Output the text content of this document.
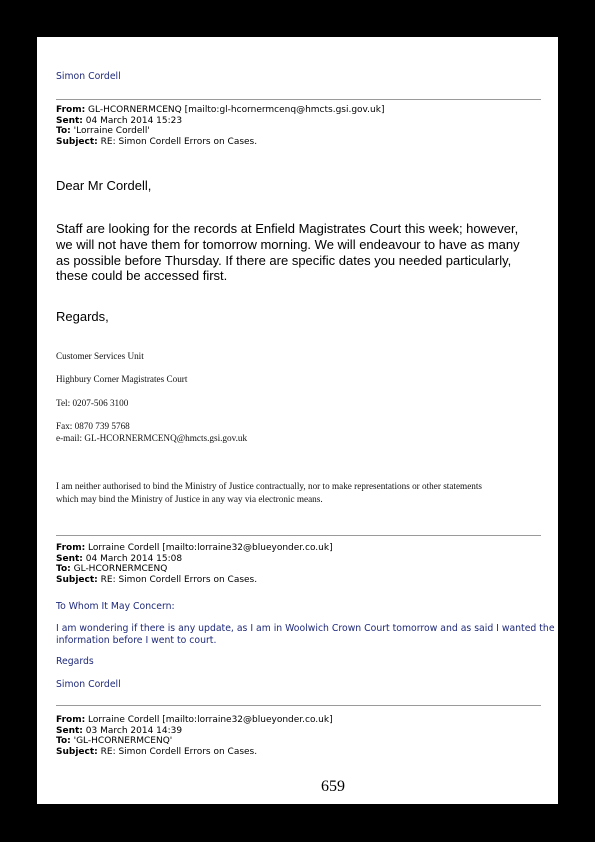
Simon Cordell
From: GL-HCORNERMCENQ [mailto:gl-hcornermcenq@hmcts.gsi.gov.uk]
Sent: 04 March 2014 15:23
To: 'Lorraine Cordell'
Subject: RE: Simon Cordell Errors on Cases.
Dear Mr Cordell,
Staff are looking for the records at Enfield Magistrates Court this week; however,
we will not have them for tomorrow morning. We will endeavour to have as many
as possible before Thursday. If there are specific dates you needed particularly,
these could be accessed first.
Regards,
Customer Services Unit
Highbury Corner Magistrates Court
Tel: 0207-506 3100
Fax: 0870 739 5768
e-mail: GL-HCORNERMCENQ@hmcts.gsi.gov.uk
I am neither authorised to bind the Ministry of Justice contractually, nor to make representations or other statements
which may bind the Ministry of Justice in any way via electronic means.
From: Lorraine Cordell [mailto:lorraine32@blueyonder.co.uk]
Sent: 04 March 2014 15:08
To: GL-HCORNERMCENQ
Subject: RE: Simon Cordell Errors on Cases.
To Whom It May Concern:
I am wondering if there is any update, as I am in Woolwich Crown Court tomorrow and as said I wanted the
information before I went to court.
Regards
Simon Cordell
From: Lorraine Cordell [mailto:lorraine32@blueyonder.co.uk]
Sent: 03 March 2014 14:39
To: 'GL-HCORNERMCENQ'
Subject: RE: Simon Cordell Errors on Cases.
659
